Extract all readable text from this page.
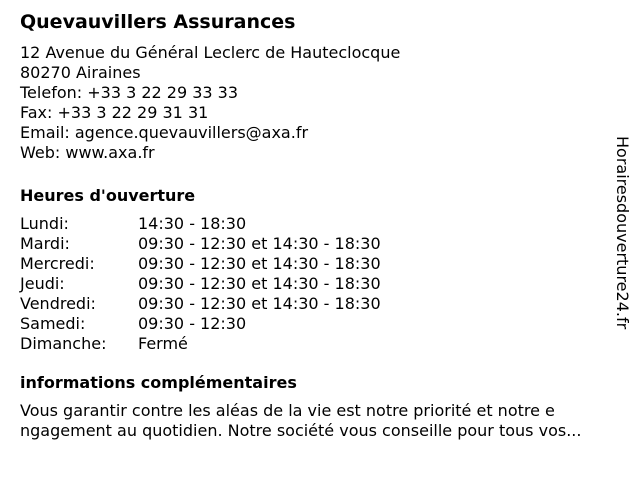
Quevauvillers Assurances
12 Avenue du Général Leclerc de Hauteclocque
80270 Airaines
Telefon: +33 3 22 29 33 33
Fax: +33 3 22 29 31 31
Email: agence.quevauvillers@axa.fr
Web: www.axa.fr
Heures d'ouverture
Lundi:	14:30 - 18:30
Mardi:	09:30 - 12:30 et 14:30 - 18:30
Mercredi:	09:30 - 12:30 et 14:30 - 18:30
Jeudi:	09:30 - 12:30 et 14:30 - 18:30
Vendredi:	09:30 - 12:30 et 14:30 - 18:30
Samedi:	09:30 - 12:30
Dimanche:	Fermé
informations complémentaires
Vous garantir contre les aléas de la vie est notre priorité et notre e
ngagement au quotidien. Notre société vous conseille pour tous vos...
Horairesdouverture24.fr
